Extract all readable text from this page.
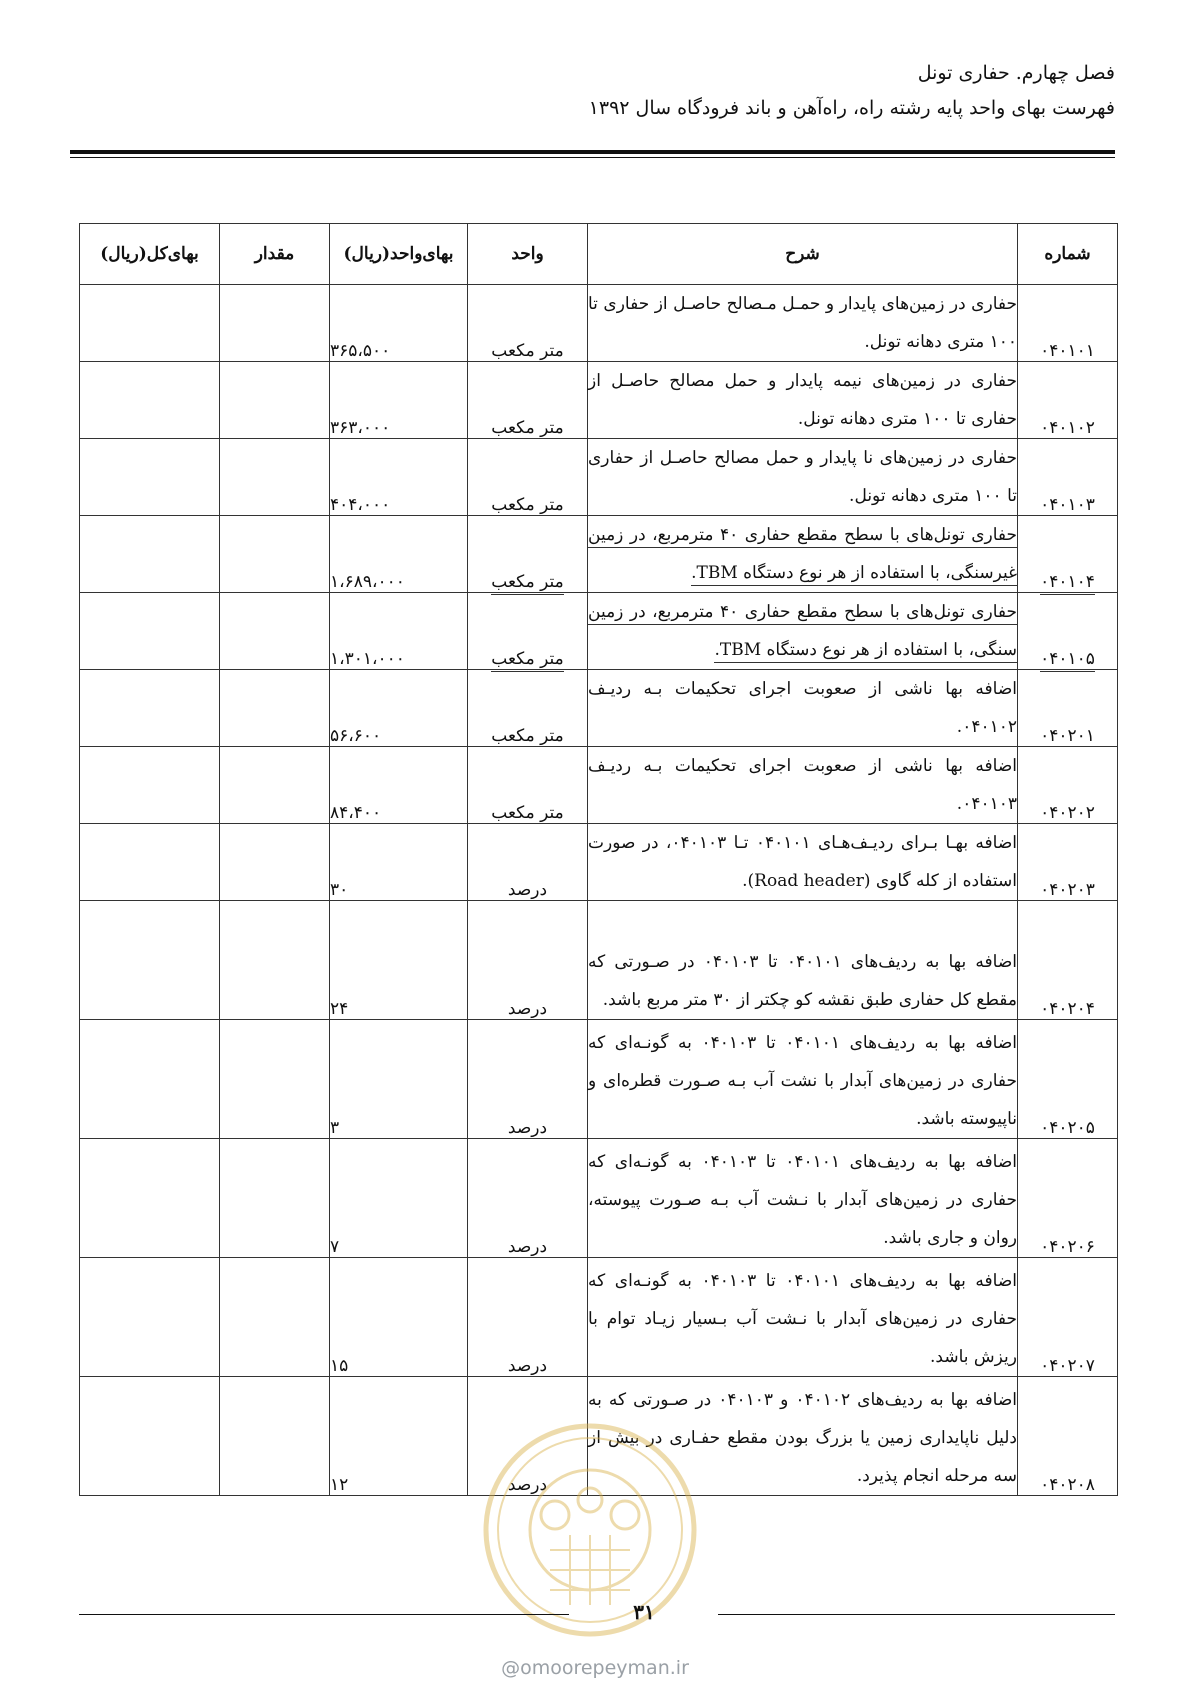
فصل چهارم. حفاری تونل
فهرست بهای واحد پایه رشته راه، راه‌آهن و باند فرودگاه سال ۱۳۹۲
شماره	شرح	واحد	بهای‌واحد(ریال)	مقدار	بهای‌کل(ریال)
۰۴۰۱۰۱	حفاری در زمین‌های پایدار و حمـل مـصالح حاصـل از حفاری تا ۱۰۰ متری دهانه تونل.	متر مکعب	۳۶۵،۵۰۰		
۰۴۰۱۰۲	حفاری در زمین‌های نیمه پایدار و حمل مصالح حاصـل از حفاری تا ۱۰۰ متری دهانه تونل.	متر مکعب	۳۶۳،۰۰۰		
۰۴۰۱۰۳	حفاری در زمین‌های نا پایدار و حمل مصالح حاصـل از حفاری تا ۱۰۰ متری دهانه تونل.	متر مکعب	۴۰۴،۰۰۰		
۰۴۰۱۰۴	حفاری تونل‌های با سطح مقطع حفاری ۴۰ مترمربع، در زمین غیرسنگی، با استفاده از هر نوع دستگاه TBM.	متر مکعب	۱،۶۸۹،۰۰۰		
۰۴۰۱۰۵	حفاری تونل‌های با سطح مقطع حفاری ۴۰ مترمربع، در زمین سنگی، با استفاده از هر نوع دستگاه TBM.	متر مکعب	۱،۳۰۱،۰۰۰		
۰۴۰۲۰۱	اضافه بها ناشی از صعوبت اجرای تحکیمات بـه ردیـف ۰۴۰۱۰۲.	متر مکعب	۵۶،۶۰۰		
۰۴۰۲۰۲	اضافه بها ناشی از صعوبت اجرای تحکیمات بـه ردیـف ۰۴۰۱۰۳.	متر مکعب	۸۴،۴۰۰		
۰۴۰۲۰۳	اضافه بهـا بـرای ردیـف‌هـای ۰۴۰۱۰۱ تـا ۰۴۰۱۰۳، در صورت استفاده از کله گاوی (Road header).	درصد	۳۰		
۰۴۰۲۰۴	اضافه بها به ردیف‌های ۰۴۰۱۰۱ تا ۰۴۰۱۰۳ در صـورتی که مقطع کل حفاری طبق نقشه کو چکتر از ۳۰ متر مربع باشد.	درصد	۲۴		
۰۴۰۲۰۵	اضافه بها به ردیف‌های ۰۴۰۱۰۱ تا ۰۴۰۱۰۳ به گونـه‌ای که حفاری در زمین‌های آبدار با نشت آب بـه صـورت قطره‌ای و ناپیوسته باشد.	درصد	۳		
۰۴۰۲۰۶	اضافه بها به ردیف‌های ۰۴۰۱۰۱ تا ۰۴۰۱۰۳ به گونـه‌ای که حفاری در زمین‌های آبدار با نـشت آب بـه صـورت پیوسته، روان و جاری باشد.	درصد	۷		
۰۴۰۲۰۷	اضافه بها به ردیف‌های ۰۴۰۱۰۱ تا ۰۴۰۱۰۳ به گونـه‌ای که حفاری در زمین‌های آبدار با نـشت آب بـسیار زیـاد توام با ریزش باشد.	درصد	۱۵		
۰۴۰۲۰۸	اضافه بها به ردیف‌های ۰۴۰۱۰۲ و ۰۴۰۱۰۳ در صـورتی که به دلیل ناپایداری زمین یا بزرگ بودن مقطع حفـاری در بیش از سه مرحله انجام پذیرد.	درصد	۱۲		
۳۱
@omoorepeyman.ir
